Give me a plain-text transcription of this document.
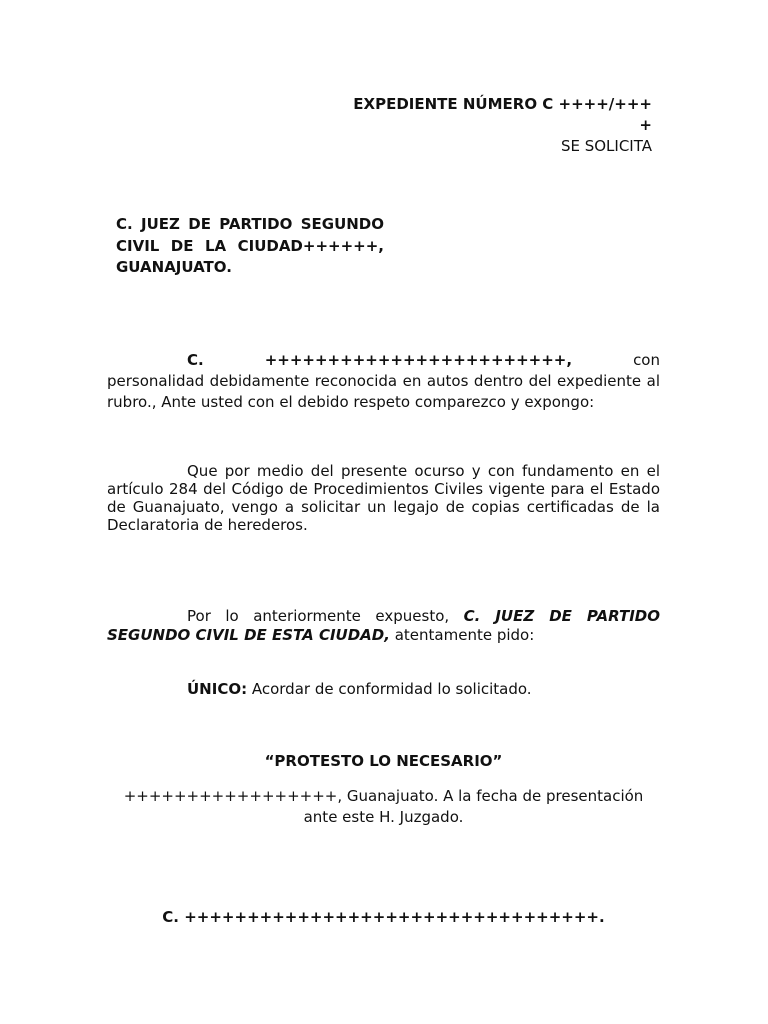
EXPEDIENTE NÚMERO C ++++/+++
+
SE SOLICITA
C. JUEZ DE PARTIDO SEGUNDO
CIVIL DE LA CIUDAD++++++,
GUANAJUATO.
C.	++++++++++++++++++++++++,	con
personalidad debidamente reconocida en autos dentro del expediente al rubro., Ante usted con el debido respeto comparezco y expongo:
Que por medio del presente ocurso y con fundamento en el artículo 284 del Código de Procedimientos Civiles vigente para el Estado de Guanajuato, vengo a solicitar un legajo de copias certificadas de la Declaratoria de herederos.
Por lo anteriormente expuesto, C. JUEZ DE PARTIDO SEGUNDO CIVIL DE ESTA CIUDAD, atentamente pido:
ÚNICO: Acordar de conformidad lo solicitado.
“PROTESTO LO NECESARIO”
+++++++++++++++++, Guanajuato. A la fecha de presentación
ante este H. Juzgado.
C. +++++++++++++++++++++++++++++++++.
